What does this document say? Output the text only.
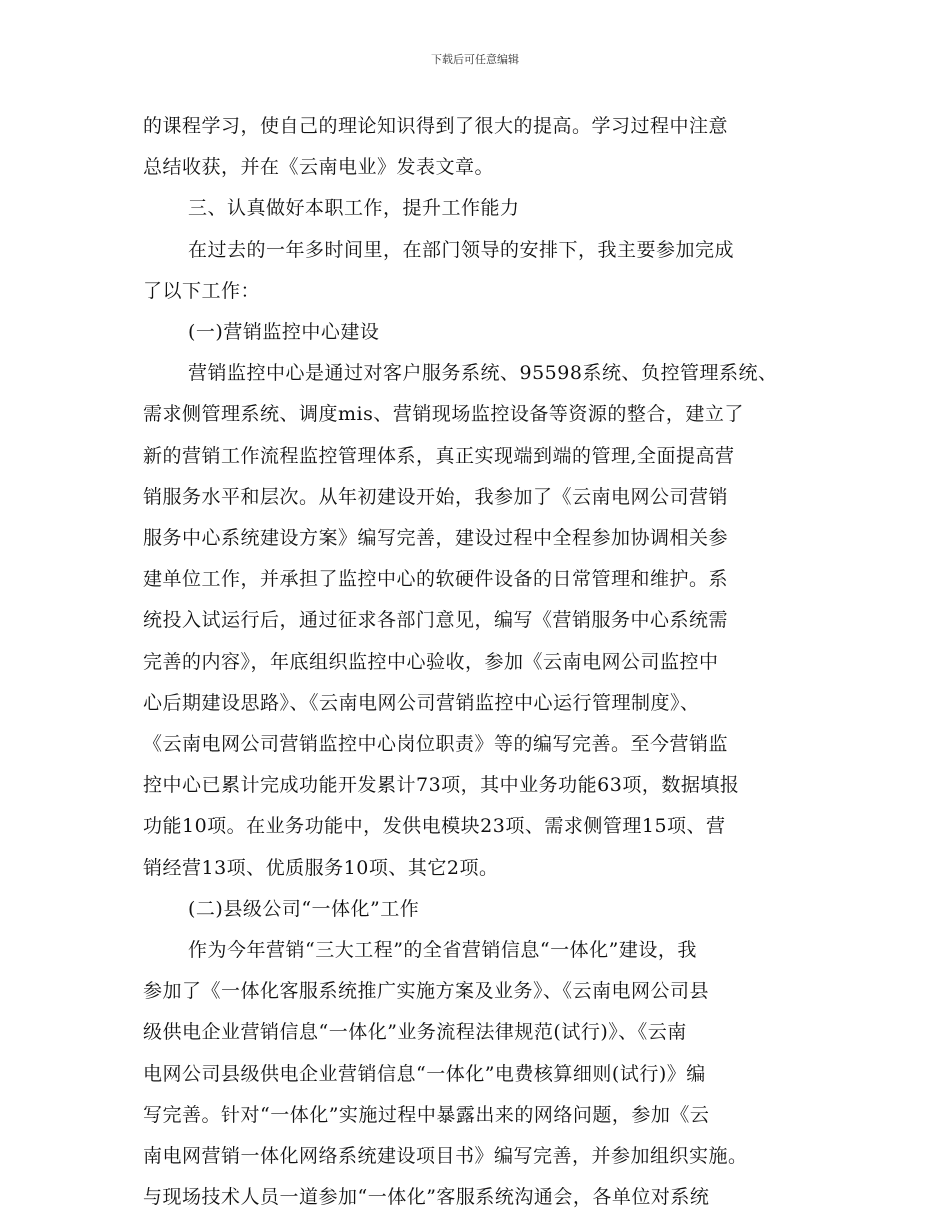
下载后可任意编辑
的课程学习，使自己的理论知识得到了很大的提高。学习过程中注意
总结收获，并在《云南电业》发表文章。
三、认真做好本职工作，提升工作能力
在过去的一年多时间里，在部门领导的安排下，我主要参加完成
了以下工作：
(一)营销监控中心建设
营销监控中心是通过对客户服务系统、95598系统、负控管理系统、
需求侧管理系统、调度mis、营销现场监控设备等资源的整合，建立了
新的营销工作流程监控管理体系，真正实现端到端的管理,全面提高营
销服务水平和层次。从年初建设开始，我参加了《云南电网公司营销
服务中心系统建设方案》编写完善，建设过程中全程参加协调相关参
建单位工作，并承担了监控中心的软硬件设备的日常管理和维护。系
统投入试运行后，通过征求各部门意见，编写《营销服务中心系统需
完善的内容》，年底组织监控中心验收，参加《云南电网公司监控中
心后期建设思路》、《云南电网公司营销监控中心运行管理制度》、
《云南电网公司营销监控中心岗位职责》等的编写完善。至今营销监
控中心已累计完成功能开发累计73项，其中业务功能63项，数据填报
功能10项。在业务功能中，发供电模块23项、需求侧管理15项、营
销经营13项、优质服务10项、其它2项。
(二)县级公司“一体化”工作
作为今年营销“三大工程”的全省营销信息“一体化”建设，我
参加了《一体化客服系统推广实施方案及业务》、《云南电网公司县
级供电企业营销信息“一体化”业务流程法律规范(试行)》、《云南
电网公司县级供电企业营销信息“一体化”电费核算细则(试行)》编
写完善。针对“一体化”实施过程中暴露出来的网络问题，参加《云
南电网营销一体化网络系统建设项目书》编写完善，并参加组织实施。
与现场技术人员一道参加“一体化”客服系统沟通会，各单位对系统
